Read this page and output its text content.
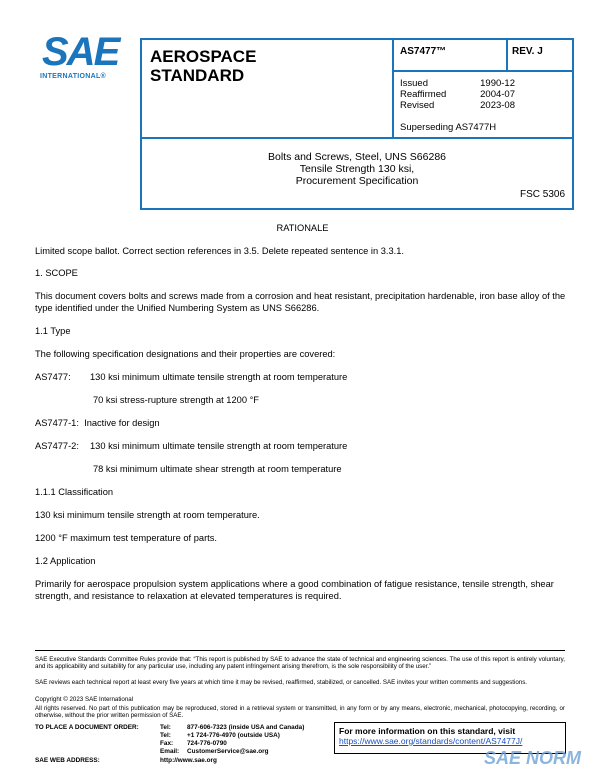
SAE
INTERNATIONAL®
AEROSPACE
STANDARD
AS7477™	REV. J
Issued	1990-12
Reaffirmed	2004-07
Revised	2023-08
Superseding AS7477H
Bolts and Screws, Steel, UNS S66286
Tensile Strength 130 ksi,
Procurement Specification
FSC 5306
RATIONALE
Limited scope ballot. Correct section references in 3.5. Delete repeated sentence in 3.3.1.
1. SCOPE
This document covers bolts and screws made from a corrosion and heat resistant, precipitation hardenable, iron base alloy of the type identified under the Unified Numbering System as UNS S66286.
1.1 Type
The following specification designations and their properties are covered:
AS7477: 130 ksi minimum ultimate tensile strength at room temperature
70 ksi stress-rupture strength at 1200 °F
AS7477-1: Inactive for design
AS7477-2: 130 ksi minimum ultimate tensile strength at room temperature
78 ksi minimum ultimate shear strength at room temperature
1.1.1 Classification
130 ksi minimum tensile strength at room temperature.
1200 °F maximum test temperature of parts.
1.2 Application
Primarily for aerospace propulsion system applications where a good combination of fatigue resistance, tensile strength, shear strength, and resistance to relaxation at elevated temperatures is required.
SAE Executive Standards Committee Rules provide that: “This report is published by SAE to advance the state of technical and engineering sciences. The use of this report is entirely voluntary, and its applicability and suitability for any particular use, including any patent infringement arising therefrom, is the sole responsibility of the user.”
SAE reviews each technical report at least every five years at which time it may be revised, reaffirmed, stabilized, or cancelled. SAE invites your written comments and suggestions.
Copyright © 2023 SAE International
All rights reserved. No part of this publication may be reproduced, stored in a retrieval system or transmitted, in any form or by any means, electronic, mechanical, photocopying, recording, or otherwise, without the prior written permission of SAE.
TO PLACE A DOCUMENT ORDER:	Tel:	877-606-7323 (inside USA and Canada)
Tel:	+1 724-776-4970 (outside USA)
Fax: 724-776-0790
Email: CustomerService@sae.org
SAE WEB ADDRESS:	http://www.sae.org
For more information on this standard, visit
https://www.sae.org/standards/content/AS7477J/
SAE NORM
